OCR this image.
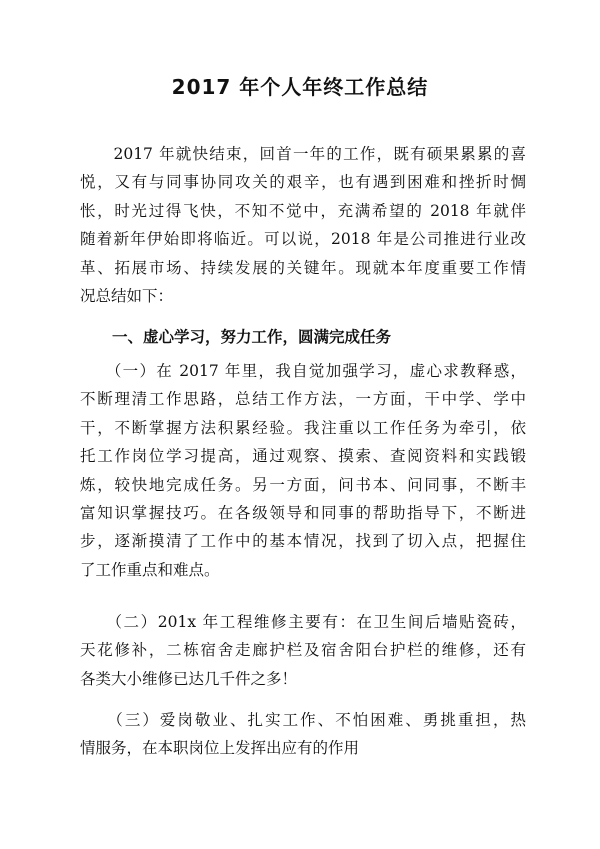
2017 年个人年终工作总结
　　2017 年就快结束，回首一年的工作，既有硕果累累的喜
悦，又有与同事协同攻关的艰辛，也有遇到困难和挫折时惆
怅，时光过得飞快，不知不觉中，充满希望的 2018 年就伴
随着新年伊始即将临近。可以说，2018 年是公司推进行业改
革、拓展市场、持续发展的关键年。现就本年度重要工作情
况总结如下：
一、虚心学习，努力工作，圆满完成任务
　　（一）在 2017 年里，我自觉加强学习，虚心求教释惑，
不断理清工作思路，总结工作方法，一方面，干中学、学中
干，不断掌握方法积累经验。我注重以工作任务为牵引，依
托工作岗位学习提高，通过观察、摸索、查阅资料和实践锻
炼，较快地完成任务。另一方面，问书本、问同事，不断丰
富知识掌握技巧。在各级领导和同事的帮助指导下，不断进
步，逐渐摸清了工作中的基本情况，找到了切入点，把握住
了工作重点和难点。
　　（二）201x 年工程维修主要有：在卫生间后墙贴瓷砖，
天花修补，二栋宿舍走廊护栏及宿舍阳台护栏的维修，还有
各类大小维修已达几千件之多！
　　（三）爱岗敬业、扎实工作、不怕困难、勇挑重担，热
情服务，在本职岗位上发挥出应有的作用
